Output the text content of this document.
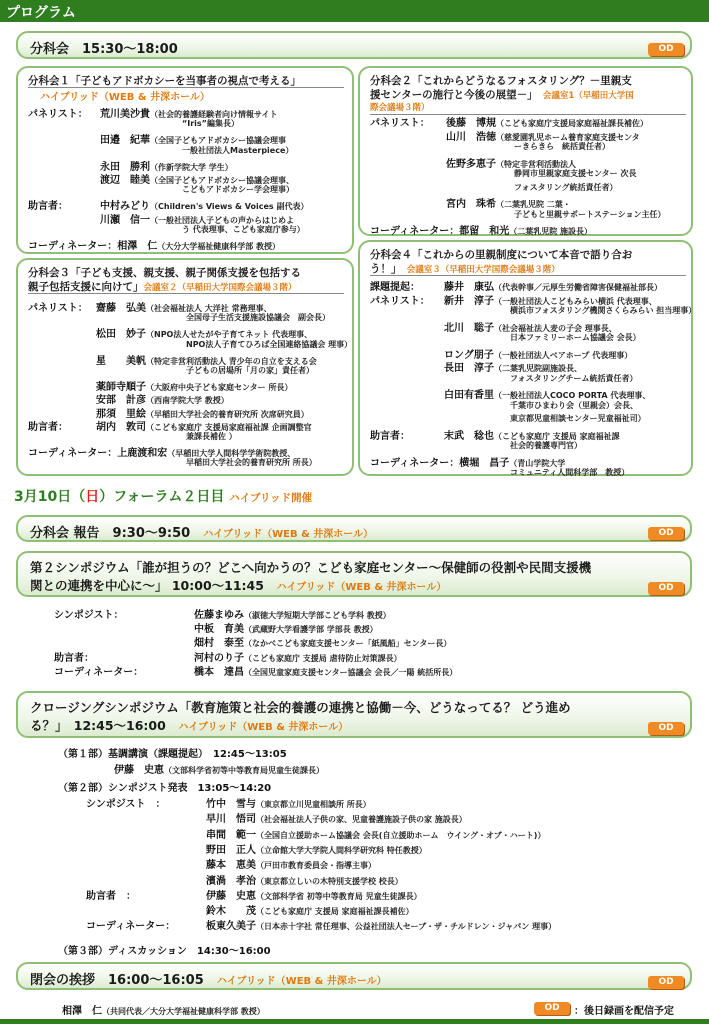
プログラム
分科会　15:30〜18:00	OD
分科会１「子どもアドボカシーを当事者の視点で考える」
ハイブリッド（WEB & 井深ホール）
分科会２「これからどうなるフォスタリング？－里親支
援センターの施行と今後の展望－」　 会議室1（早稲田大学国
際会議場３階）
分科会３「子ども支援、親支援、親子関係支援を包括する
親子包括支援に向けて」会議室２（早稲田大学国際会議場３階）
分科会４「これからの里親制度について本音で語り合お
う！」　 会議室３（早稲田大学国際会議場３階）
3月10日（日）フォーラム２日目 ハイブリッド開催
分科会 報告　9:30〜9:50　 ハイブリッド（WEB & 井深ホール）	OD
第２シンポジウム「誰が担うの？どこへ向かうの？こども家庭センター～保健師の役割や民間支援機
関との連携を中心に～」 10:00〜11:45　 ハイブリッド（WEB & 井深ホール）	OD
クロージングシンポジウム「教育施策と社会的養護の連携と協働－今、どうなってる？ どう進め
る？」　12:45〜16:00　 ハイブリッド（WEB & 井深ホール）	OD
閉会の挨拶　16:00〜16:05　 ハイブリッド（WEB & 井深ホール）	OD
相澤　仁（共同代表／大分大学福祉健康科学部 教授）	OD	：後日録画を配信予定
パネリスト： 荒川美沙貴（社会的養護経験者向け情報サイト
“Iris”編集長）
田邉　紀華（全国子どもアドボカシー協議会理事
一般社団法人Masterpiece）
永田　勝利（作新学院大学 学生）
渡辺　睦美（全国子どもアドボカシー協議会理事、
こどもアドボカシー学会理事）
助言者：	中村みどり（Children's Views & Voices 副代表）
川瀬　信一（一般社団法人子どもの声からはじめよ
う 代表理事、こども家庭庁参与）
コーディネーター：相澤　仁（大分大学福祉健康科学部 教授）
パネリスト： 後藤　博規（こども家庭庁支援局家庭福祉課長補佐）
山川　浩徳（慈愛園乳児ホーム養育家庭支援センタ
ーきらきら　統括責任者）
佐野多恵子（特定非営利活動法人
静岡市里親家庭支援センター 次長
フォスタリング統括責任者）
宮内　珠希（二葉乳児院 二葉・
子どもと里親サポートステーション主任）
コーディネーター：都留　和光（二葉乳児院 施設長）
パネリスト： 齋藤　弘美（社会福祉法人 大洋社 常務理事、
全国母子生活支援施設協議会　副会長）
松田　妙子（NPO法人せたがや子育てネット 代表理事、
NPO法人子育てひろば全国連絡協議会 理事）
星　　美帆（特定非営利活動法人 青少年の自立を支える会
子どもの居場所「月の家」責任者）
薬師寺順子（大阪府中央子ども家庭センター 所長）
安部　計彦（西南学院大学 教授）
那須　里絵（早稲田大学社会的養育研究所 次席研究員）
助言者：	胡内　敦司（こども家庭庁 支援局家庭福祉課 企画調整官
兼課長補佐 ）
コーディネーター：上鹿渡和宏（早稲田大学人間科学学術院教授、
早稲田大学社会的養育研究所 所長）
課題提起： 藤井　康弘（代表幹事／元厚生労働省障害保健福祉部長）
パネリスト： 新井　淳子（一般社団法人こどもみらい横浜 代表理事、
横浜市フォスタリング機関さくらみらい 担当理事）
北川　聡子（社会福祉法人麦の子会 理事長、
日本ファミリーホーム協議会 会長）
ロング朋子（一般社団法人ベアホープ 代表理事）
長田　淳子（二葉乳児院副施設長、
フォスタリングチーム統括責任者）
白田有香里（一般社団法人COCO PORTA 代表理事、
千葉市ひまわり会（里親会）会長、
東京都児童相談センター児童福祉司）
助言者：	末武　稔也（こども家庭庁 支援局 家庭福祉課
社会的養護専門官）
コーディネーター：横堀　昌子（青山学院大学
コミュニティ人間科学部　教授）
シンポジスト：	佐藤まゆみ（淑徳大学短期大学部こども学科 教授）
中板　育美（武蔵野大学看護学部 学部長 教授）
畑村　泰至（なかべこども家庭支援センター「紙風船」センター長）
助言者：	河村のり子（こども家庭庁 支援局 虐待防止対策課長）
コーディネーター：	橋本　達昌（全国児童家庭支援センター協議会 会長／一陽 統括所長）
（第１部）基調講演（課題提起）　12:45〜13:05
伊藤　史恵（文部科学省初等中等教育局児童生徒課長）
（第２部）シンポジスト発表　13:05〜14:20
シンポジスト　：	竹中　雪与（東京都立川児童相談所 所長）
早川　悟司（社会福祉法人子供の家、児童養護施設子供の家 施設長）
串間　範一（全国自立援助ホーム協議会 会長(自立援助ホーム　ウイング・オブ・ハート)）
野田　正人（立命館大学大学院人間科学研究科 特任教授）
藤本　恵美（戸田市教育委員会・指導主事）
濱渦　孝治（東京都立しいの木特別支援学校 校長）
助言者　：	伊藤　史恵（文部科学省 初等中等教育局 児童生徒課長）
鈴木　　茂（こども家庭庁 支援局 家庭福祉課長補佐）
コーディネーター：	板東久美子（日本赤十字社 常任理事、公益社団法人セーブ・ザ・チルドレン・ジャパン 理事）
（第３部）ディスカッション　14:30〜16:00
